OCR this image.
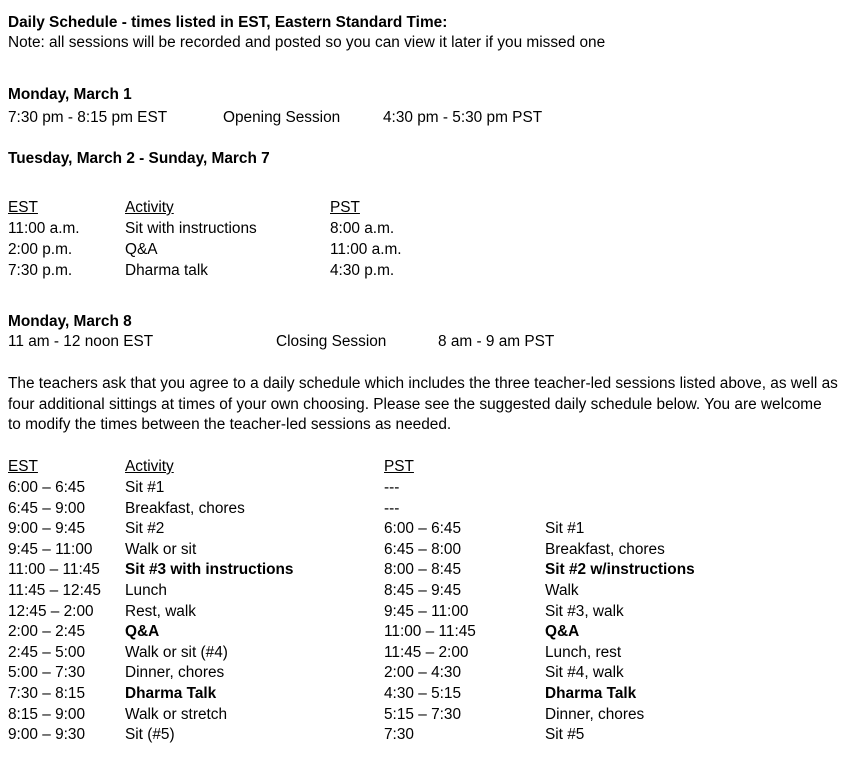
Daily Schedule - times listed in EST, Eastern Standard Time:
Note: all sessions will be recorded and posted so you can view it later if you missed one
Monday, March 1
7:30 pm - 8:15 pm EST	Opening Session	4:30 pm - 5:30 pm PST
Tuesday, March 2 - Sunday, March 7
EST	Activity	PST
11:00 a.m.	Sit with instructions	8:00 a.m.
2:00 p.m.	Q&A	11:00 a.m.
7:30 p.m.	Dharma talk	4:30 p.m.
Monday, March 8
11 am - 12 noon EST	Closing Session	8 am - 9 am PST
The teachers ask that you agree to a daily schedule which includes the three teacher-led sessions listed above, as well as four additional sittings at times of your own choosing. Please see the suggested daily schedule below. You are welcome to modify the times between the teacher-led sessions as needed.
EST	Activity	PST
6:00 – 6:45	Sit #1	---
6:45 – 9:00	Breakfast, chores	---
9:00 – 9:45	Sit #2	6:00 – 6:45	Sit #1
9:45 – 11:00 Walk or sit	6:45 – 8:00	Breakfast, chores
11:00 – 11:45 Sit #3 with instructions	8:00 – 8:45	Sit #2 w/instructions
11:45 – 12:45 Lunch	8:45 – 9:45	Walk
12:45 – 2:00 Rest, walk	9:45 – 11:00	Sit #3, walk
2:00 – 2:45	Q&A	11:00 – 11:45	Q&A
2:45 – 5:00	Walk or sit (#4)	11:45 – 2:00	Lunch, rest
5:00 – 7:30	Dinner, chores	2:00 – 4:30	Sit #4, walk
7:30 – 8:15	Dharma Talk	4:30 – 5:15	Dharma Talk
8:15 – 9:00	Walk or stretch	5:15 – 7:30	Dinner, chores
9:00 – 9:30	Sit (#5)	7:30	Sit #5
